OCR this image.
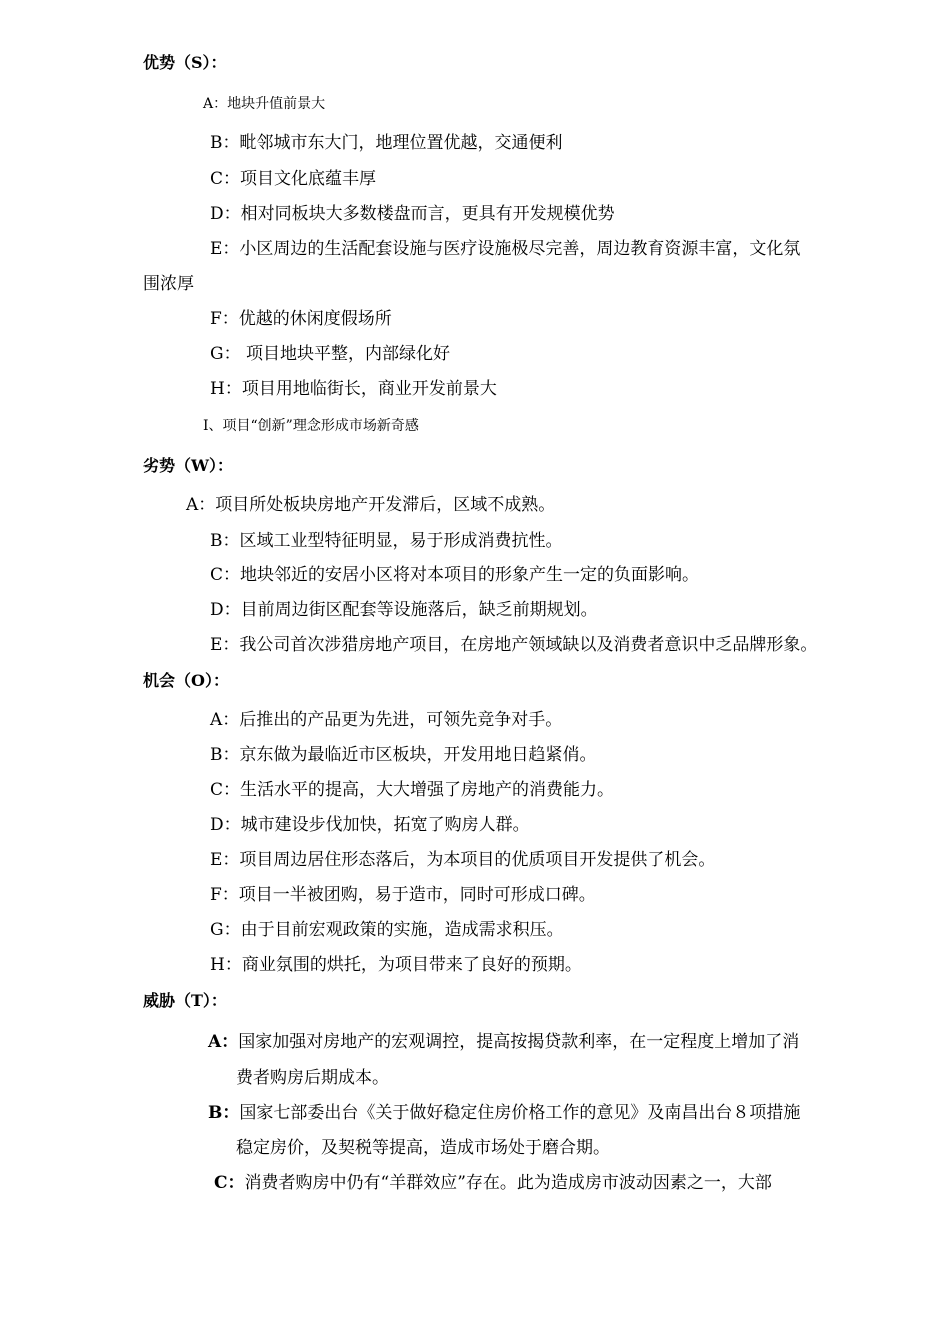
优势（S）：
A：地块升值前景大
B：毗邻城市东大门，地理位置优越，交通便利
C：项目文化底蕴丰厚
D：相对同板块大多数楼盘而言，更具有开发规模优势
E：小区周边的生活配套设施与医疗设施极尽完善，周边教育资源丰富，文化氛
围浓厚
F：优越的休闲度假场所
G： 项目地块平整，内部绿化好
H：项目用地临街长，商业开发前景大
I、项目“创新”理念形成市场新奇感
劣势（W）：
A：项目所处板块房地产开发滞后，区域不成熟。
B：区域工业型特征明显，易于形成消费抗性。
C：地块邻近的安居小区将对本项目的形象产生一定的负面影响。
D：目前周边街区配套等设施落后，缺乏前期规划。
E：我公司首次涉猎房地产项目，在房地产领域缺以及消费者意识中乏品牌形象。
机会（O）：
A：后推出的产品更为先进，可领先竞争对手。
B：京东做为最临近市区板块，开发用地日趋紧俏。
C：生活水平的提高，大大增强了房地产的消费能力。
D：城市建设步伐加快，拓宽了购房人群。
E：项目周边居住形态落后，为本项目的优质项目开发提供了机会。
F：项目一半被团购，易于造市，同时可形成口碑。
G：由于目前宏观政策的实施，造成需求积压。
H：商业氛围的烘托，为项目带来了良好的预期。
威胁（T）：
A：国家加强对房地产的宏观调控，提高按揭贷款利率，在一定程度上增加了消
费者购房后期成本。
B：国家七部委出台《关于做好稳定住房价格工作的意见》及南昌出台８项措施
稳定房价，及契税等提高，造成市场处于磨合期。
C：消费者购房中仍有“羊群效应”存在。此为造成房市波动因素之一，大部
